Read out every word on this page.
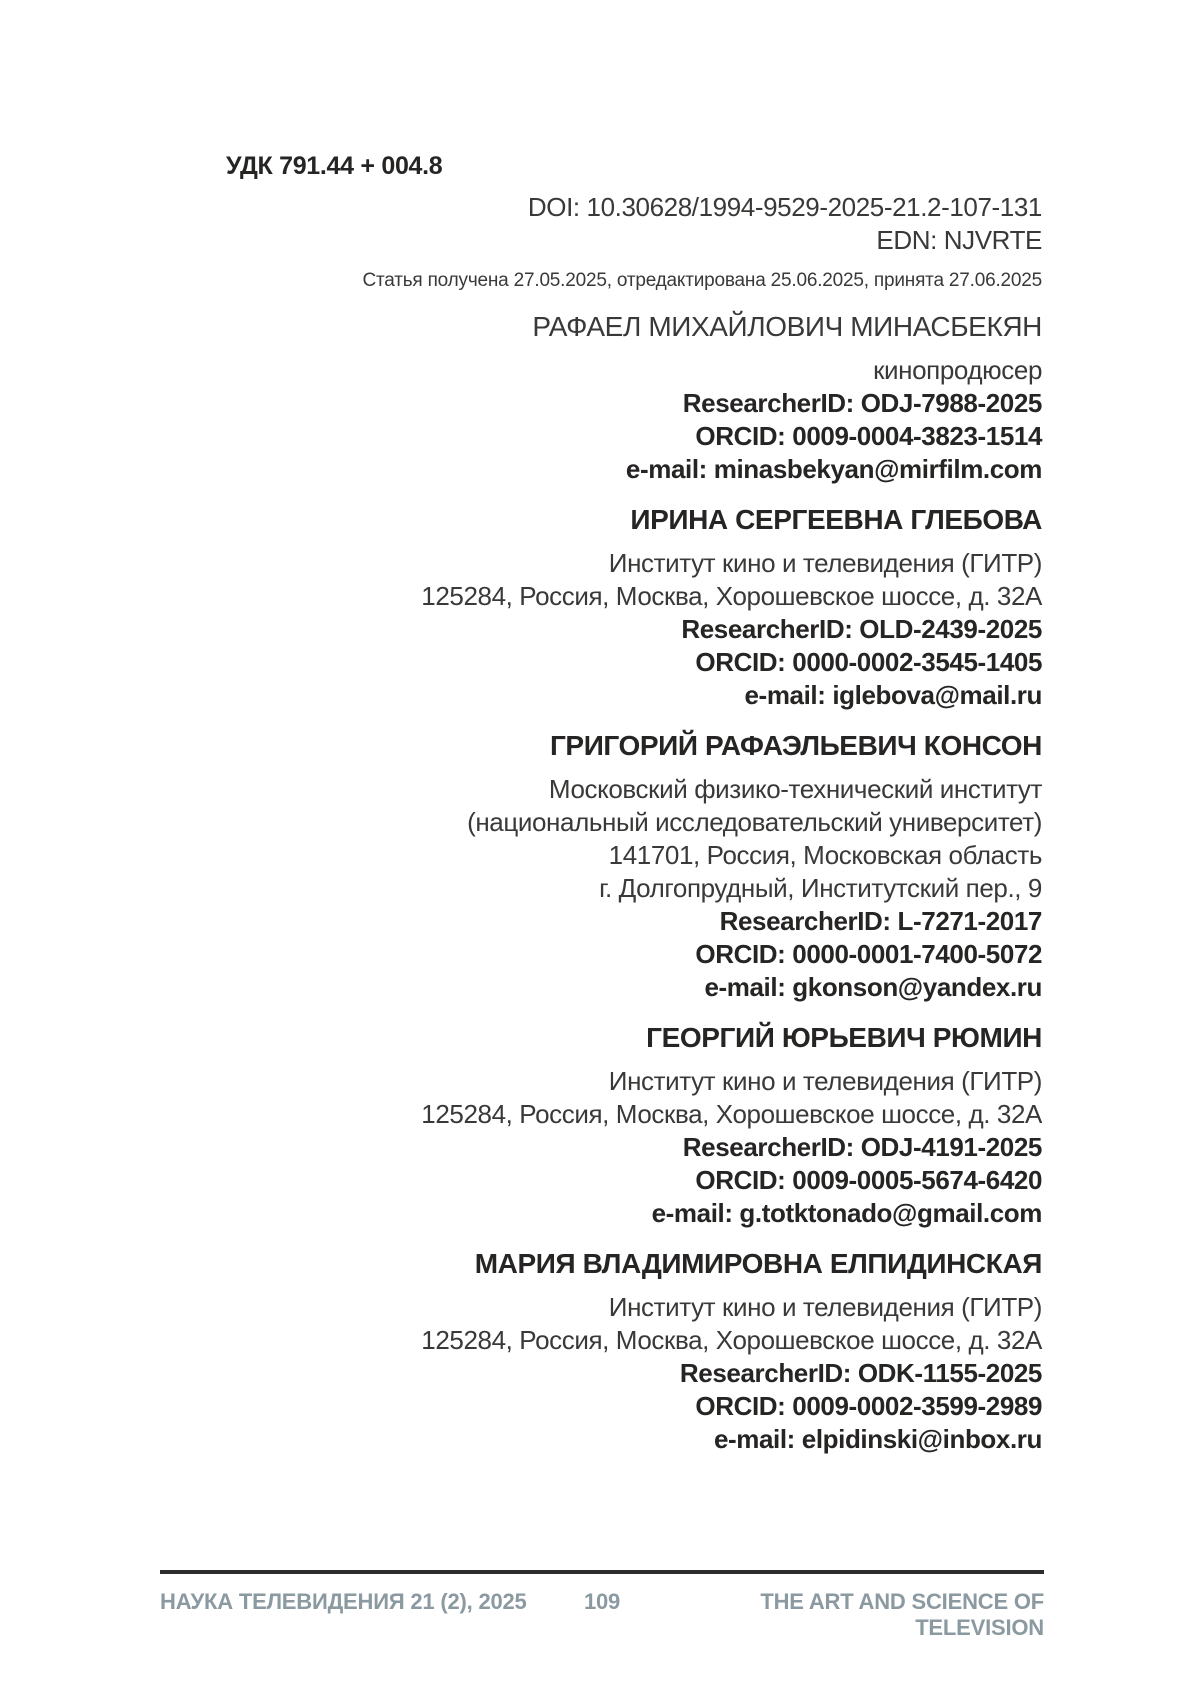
УДК 791.44 + 004.8
DOI: 10.30628/1994-9529-2025-21.2-107-131
EDN: NJVRTE
Статья получена 27.05.2025, отредактирована 25.06.2025, принята 27.06.2025
РАФАЕЛ МИХАЙЛОВИЧ МИНАСБЕКЯН
кинопродюсер
ResearcherID: ODJ-7988-2025
ORCID: 0009-0004-3823-1514
e-mail: minasbekyan@mirfilm.com
ИРИНА СЕРГЕЕВНА ГЛЕБОВА
Институт кино и телевидения (ГИТР)
125284, Россия, Москва, Хорошевское шоссе, д. 32А
ResearcherID: OLD-2439-2025
ORCID: 0000-0002-3545-1405
e-mail: iglebova@mail.ru
ГРИГОРИЙ РАФАЭЛЬЕВИЧ КОНСОН
Московский физико-технический институт
(национальный исследовательский университет)
141701, Россия, Московская область
г. Долгопрудный, Институтский пер., 9
ResearcherID: L-7271-2017
ORCID: 0000-0001-7400-5072
e-mail: gkonson@yandex.ru
ГЕОРГИЙ ЮРЬЕВИЧ РЮМИН
Институт кино и телевидения (ГИТР)
125284, Россия, Москва, Хорошевское шоссе, д. 32А
ResearcherID: ODJ-4191-2025
ORCID: 0009-0005-5674-6420
e-mail: g.totktonado@gmail.com
МАРИЯ ВЛАДИМИРОВНА ЕЛПИДИНСКАЯ
Институт кино и телевидения (ГИТР)
125284, Россия, Москва, Хорошевское шоссе, д. 32А
ResearcherID: ODK-1155-2025
ORCID: 0009-0002-3599-2989
e-mail: elpidinski@inbox.ru
НАУКА ТЕЛЕВИДЕНИЯ 21 (2), 2025	109	THE ART AND SCIENCE OF TELEVISION
